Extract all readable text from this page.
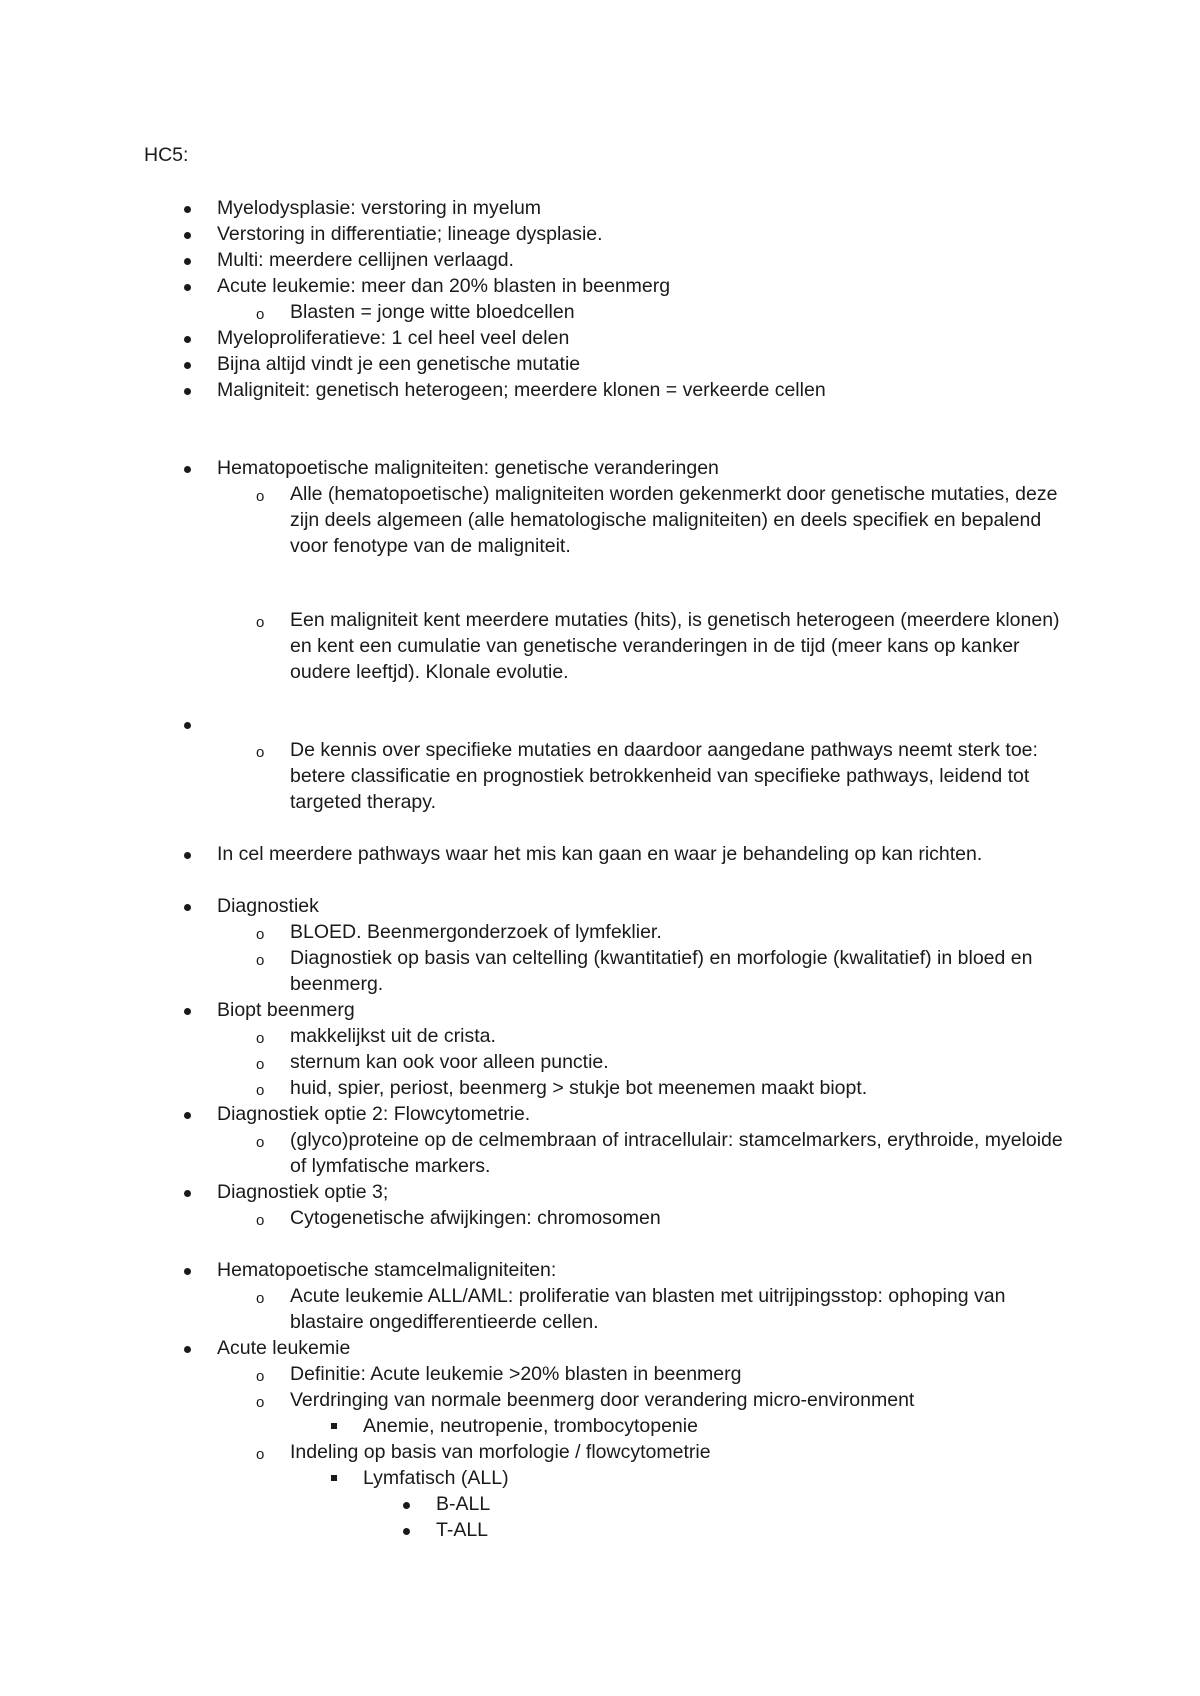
HC5:
Myelodysplasie: verstoring in myelum
Verstoring in differentiatie; lineage dysplasie.
Multi: meerdere cellijnen verlaagd.
Acute leukemie: meer dan 20% blasten in beenmerg
o Blasten = jonge witte bloedcellen
Myeloproliferatieve: 1 cel heel veel delen
Bijna altijd vindt je een genetische mutatie
Maligniteit: genetisch heterogeen; meerdere klonen = verkeerde cellen
Hematopoetische maligniteiten: genetische veranderingen
o Alle (hematopoetische) maligniteiten worden gekenmerkt door genetische mutaties, deze zijn deels algemeen (alle hematologische maligniteiten) en deels specifiek en bepalend voor fenotype van de maligniteit.
o Een maligniteit kent meerdere mutaties (hits), is genetisch heterogeen (meerdere klonen) en kent een cumulatie van genetische veranderingen in de tijd (meer kans op kanker oudere leeftjd). Klonale evolutie.
o De kennis over specifieke mutaties en daardoor aangedane pathways neemt sterk toe: betere classificatie en prognostiek betrokkenheid van specifieke pathways, leidend tot targeted therapy.
In cel meerdere pathways waar het mis kan gaan en waar je behandeling op kan richten.
Diagnostiek
o BLOED. Beenmergonderzoek of lymfeklier.
o Diagnostiek op basis van celtelling (kwantitatief) en morfologie (kwalitatief) in bloed en beenmerg.
Biopt beenmerg
o makkelijkst uit de crista.
o sternum kan ook voor alleen punctie.
o huid, spier, periost, beenmerg > stukje bot meenemen maakt biopt.
Diagnostiek optie 2: Flowcytometrie.
o (glyco)proteine op de celmembraan of intracellulair: stamcelmarkers, erythroide, myeloide of lymfatische markers.
Diagnostiek optie 3;
o Cytogenetische afwijkingen: chromosomen
Hematopoetische stamcelmaligniteiten:
o Acute leukemie ALL/AML: proliferatie van blasten met uitrijpingsstop: ophoping van blastaire ongedifferentieerde cellen.
Acute leukemie
o Definitie: Acute leukemie >20% blasten in beenmerg
o Verdringing van normale beenmerg door verandering micro-environment
Anemie, neutropenie, trombocytopenie
o Indeling op basis van morfologie / flowcytometrie
Lymfatisch (ALL)
B-ALL
T-ALL
